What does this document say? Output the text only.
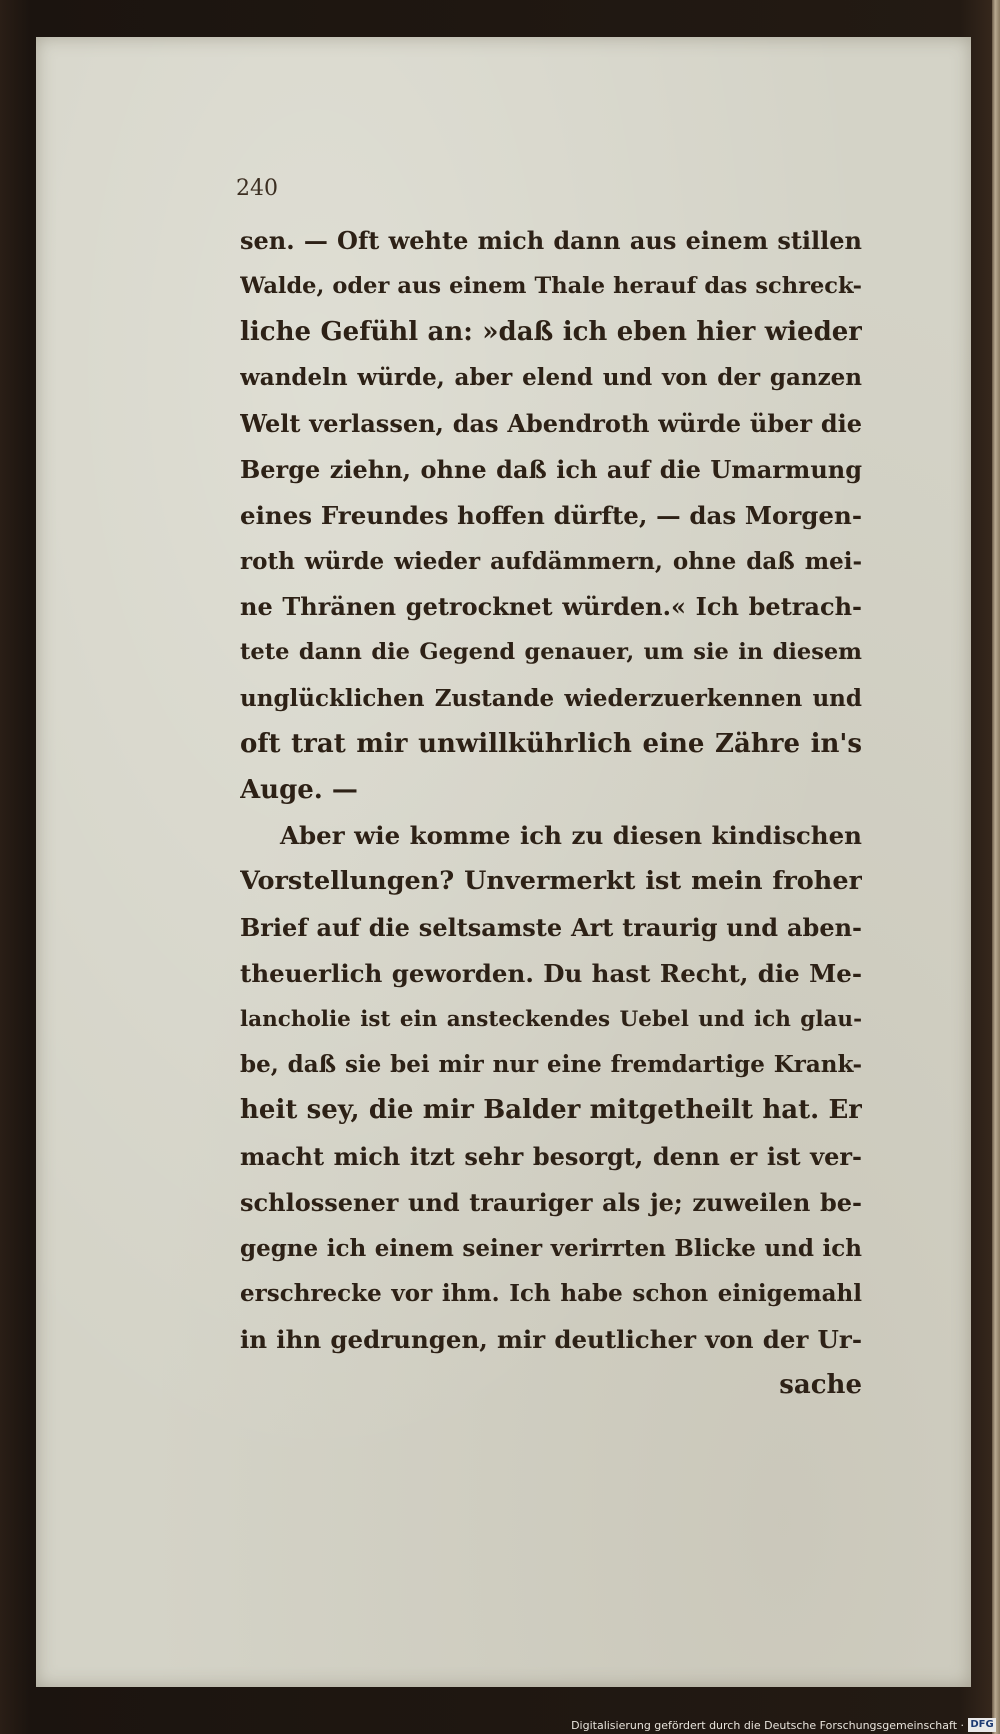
240
sen. — Oft wehte mich dann aus einem stillen
Walde, oder aus einem Thale herauf das schreck-
liche Gefühl an: »daß ich eben hier wieder
wandeln würde, aber elend und von der ganzen
Welt verlassen, das Abendroth würde über die
Berge ziehn, ohne daß ich auf die Umarmung
eines Freundes hoffen dürfte, — das Morgen-
roth würde wieder aufdämmern, ohne daß mei-
ne Thränen getrocknet würden.« Ich betrach-
tete dann die Gegend genauer, um sie in diesem
unglücklichen Zustande wiederzuerkennen und
oft trat mir unwillkührlich eine Zähre in's
Auge. —
Aber wie komme ich zu diesen kindischen
Vorstellungen? Unvermerkt ist mein froher
Brief auf die seltsamste Art traurig und aben-
theuerlich geworden. Du hast Recht, die Me-
lancholie ist ein ansteckendes Uebel und ich glau-
be, daß sie bei mir nur eine fremdartige Krank-
heit sey, die mir Balder mitgetheilt hat. Er
macht mich itzt sehr besorgt, denn er ist ver-
schlossener und trauriger als je; zuweilen be-
gegne ich einem seiner verirrten Blicke und ich
erschrecke vor ihm. Ich habe schon einigemahl
in ihn gedrungen, mir deutlicher von der Ur-
sache
Digitalisierung gefördert durch die Deutsche Forschungsgemeinschaft · DFG
